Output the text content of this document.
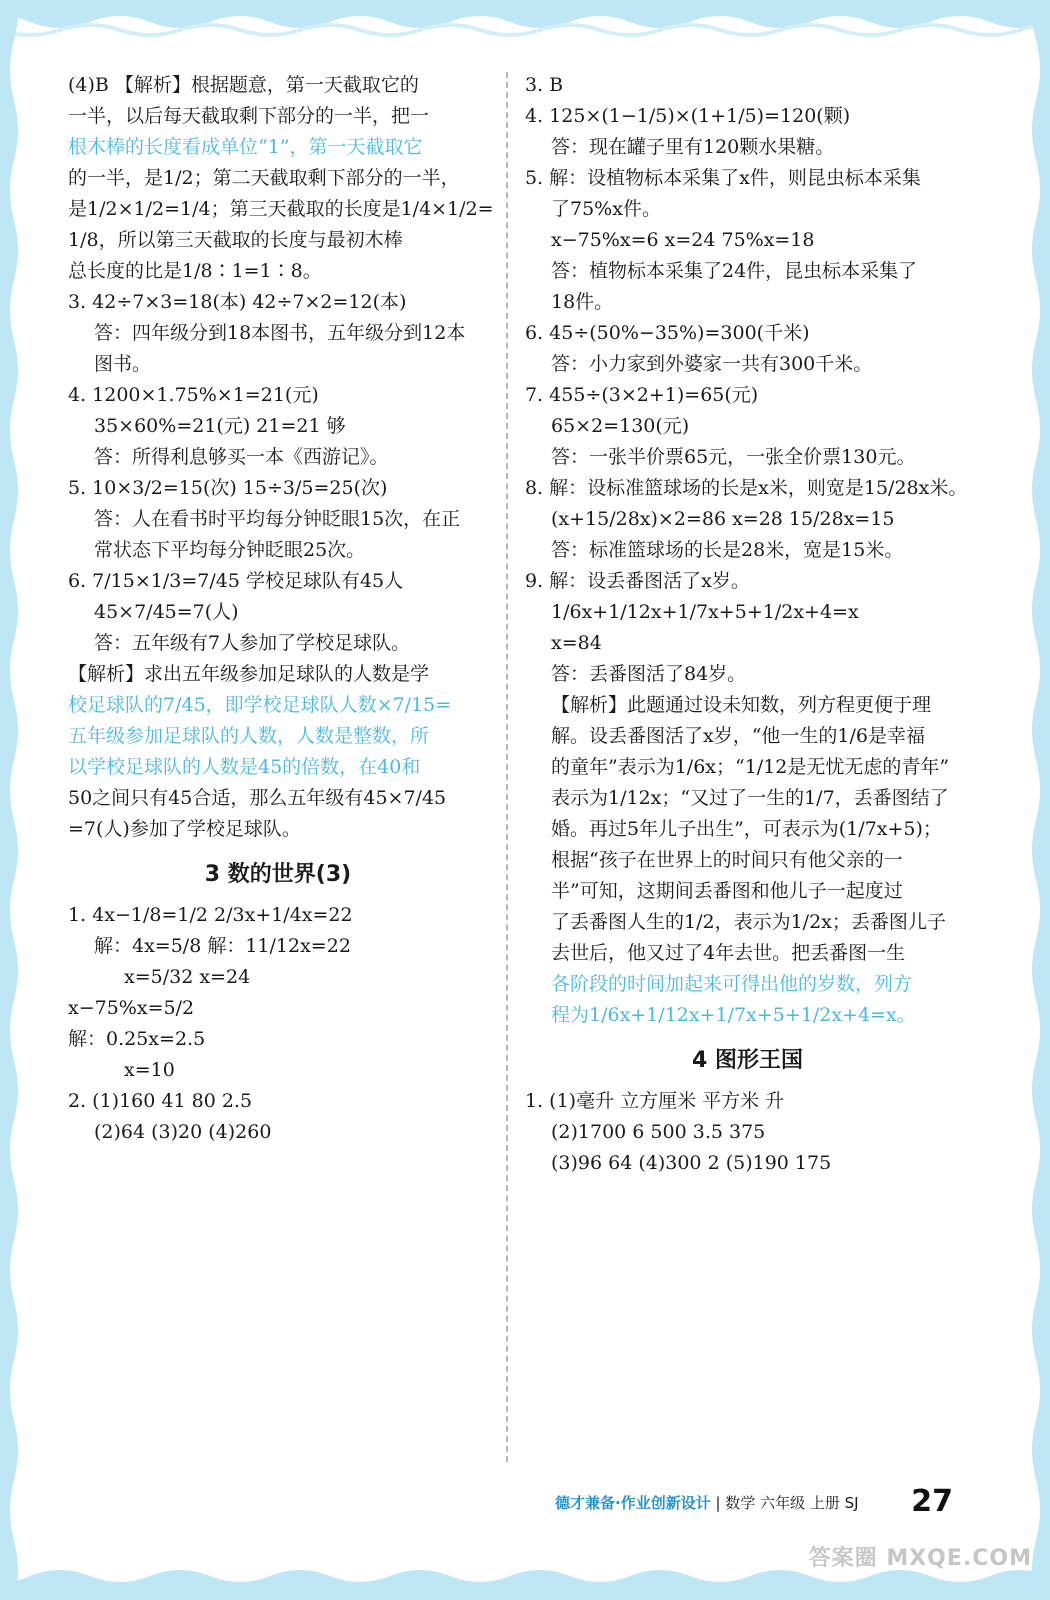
(4)B 【解析】根据题意，第一天截取它的
一半，以后每天截取剩下部分的一半，把一
根木棒的长度看成单位“1”，第一天截取它
的一半，是1/2；第二天截取剩下部分的一半，
是1/2×1/2=1/4；第三天截取的长度是1/4×1/2=
1/8，所以第三天截取的长度与最初木棒
总长度的比是1/8∶1=1∶8。
3. 42÷7×3=18(本) 42÷7×2=12(本)
答：四年级分到18本图书，五年级分到12本
图书。
4. 1200×1.75%×1=21(元)
35×60%=21(元) 21=21 够
答：所得利息够买一本《西游记》。
5. 10×3/2=15(次) 15÷3/5=25(次)
答：人在看书时平均每分钟眨眼15次，在正
常状态下平均每分钟眨眼25次。
6. 7/15×1/3=7/45 学校足球队有45人
45×7/45=7(人)
答：五年级有7人参加了学校足球队。
【解析】求出五年级参加足球队的人数是学
校足球队的7/45，即学校足球队人数×7/15=
五年级参加足球队的人数，人数是整数，所
以学校足球队的人数是45的倍数，在40和
50之间只有45合适，那么五年级有45×7/45
=7(人)参加了学校足球队。
3 数的世界(3)
1. 4x−1/8=1/2 2/3x+1/4x=22
解：4x=5/8 解：11/12x=22
x=5/32 x=24
x−75%x=5/2
解：0.25x=2.5
x=10
2. (1)160 41 80 2.5
(2)64 (3)20 (4)260
3. B
4. 125×(1−1/5)×(1+1/5)=120(颗)
答：现在罐子里有120颗水果糖。
5. 解：设植物标本采集了x件，则昆虫标本采集
了75%x件。
x−75%x=6 x=24 75%x=18
答：植物标本采集了24件，昆虫标本采集了
18件。
6. 45÷(50%−35%)=300(千米)
答：小力家到外婆家一共有300千米。
7. 455÷(3×2+1)=65(元)
65×2=130(元)
答：一张半价票65元，一张全价票130元。
8. 解：设标准篮球场的长是x米，则宽是15/28x米。
(x+15/28x)×2=86 x=28 15/28x=15
答：标准篮球场的长是28米，宽是15米。
9. 解：设丢番图活了x岁。
1/6x+1/12x+1/7x+5+1/2x+4=x
x=84
答：丢番图活了84岁。
【解析】此题通过设未知数，列方程更便于理
解。设丢番图活了x岁，“他一生的1/6是幸福
的童年”表示为1/6x；“1/12是无忧无虑的青年”
表示为1/12x；“又过了一生的1/7，丢番图结了
婚。再过5年儿子出生”，可表示为(1/7x+5)；
根据“孩子在世界上的时间只有他父亲的一
半”可知，这期间丢番图和他儿子一起度过
了丢番图人生的1/2，表示为1/2x；丢番图儿子
去世后，他又过了4年去世。把丢番图一生
各阶段的时间加起来可得出他的岁数，列方
程为1/6x+1/12x+1/7x+5+1/2x+4=x。
4 图形王国
1. (1)毫升 立方厘米 平方米 升
(2)1700 6 500 3.5 375
(3)96 64 (4)300 2 (5)190 175
德才兼备·作业创新设计 | 数学 六年级 上册 SJ 27
答案圈 MXQE.COM
